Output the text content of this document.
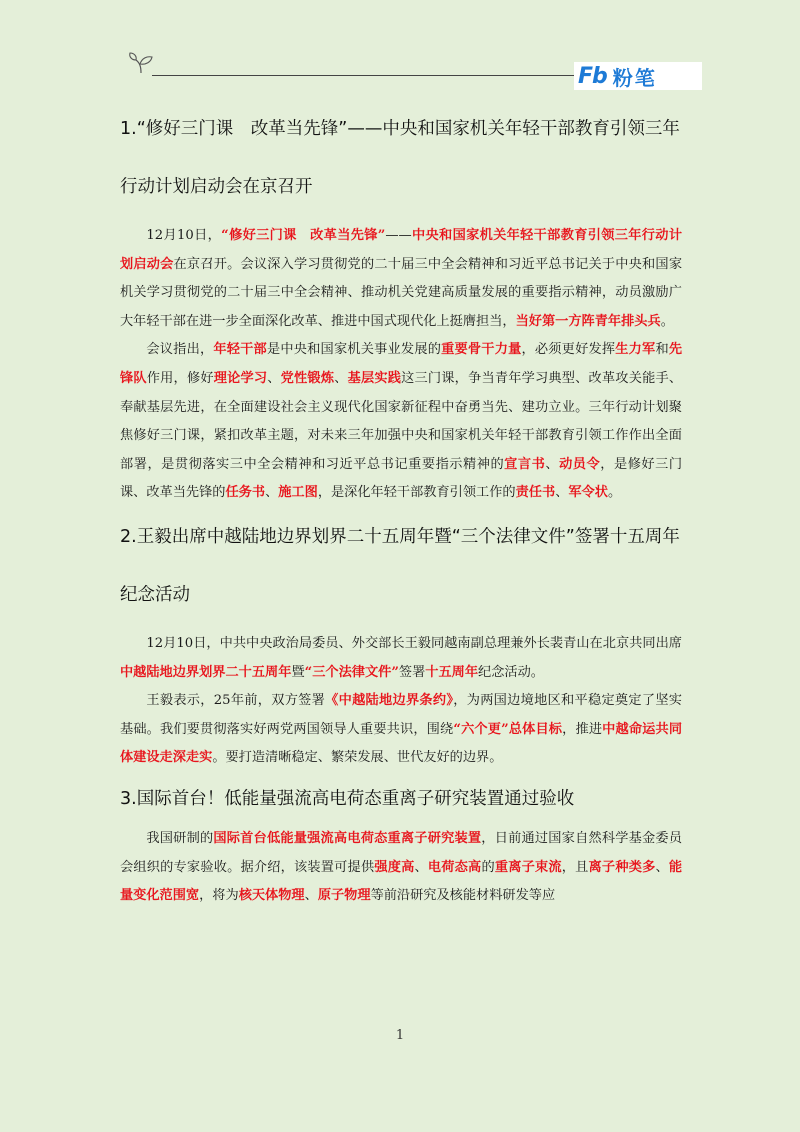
Fb 粉笔
1.“修好三门课　改革当先锋”——中央和国家机关年轻干部教育引领三年
行动计划启动会在京召开

12月10日，“修好三门课　改革当先锋”——中央和国家机关年轻干部教育引领三年行动计划启动会在京召开。会议深入学习贯彻党的二十届三中全会精神和习近平总书记关于中央和国家机关学习贯彻党的二十届三中全会精神、推动机关党建高质量发展的重要指示精神，动员激励广大年轻干部在进一步全面深化改革、推进中国式现代化上挺膺担当，当好第一方阵青年排头兵。

会议指出，年轻干部是中央和国家机关事业发展的重要骨干力量，必须更好发挥生力军和先锋队作用，修好理论学习、党性锻炼、基层实践这三门课，争当青年学习典型、改革攻关能手、奉献基层先进，在全面建设社会主义现代化国家新征程中奋勇当先、建功立业。三年行动计划聚焦修好三门课，紧扣改革主题，对未来三年加强中央和国家机关年轻干部教育引领工作作出全面部署，是贯彻落实三中全会精神和习近平总书记重要指示精神的宣言书、动员令，是修好三门课、改革当先锋的任务书、施工图，是深化年轻干部教育引领工作的责任书、军令状。

2.王毅出席中越陆地边界划界二十五周年暨“三个法律文件”签署十五周年
纪念活动

12月10日，中共中央政治局委员、外交部长王毅同越南副总理兼外长裴青山在北京共同出席中越陆地边界划界二十五周年暨“三个法律文件”签署十五周年纪念活动。

王毅表示，25年前，双方签署《中越陆地边界条约》，为两国边境地区和平稳定奠定了坚实基础。我们要贯彻落实好两党两国领导人重要共识，围绕“六个更”总体目标，推进中越命运共同体建设走深走实。要打造清晰稳定、繁荣发展、世代友好的边界。

3.国际首台！低能量强流高电荷态重离子研究装置通过验收

我国研制的国际首台低能量强流高电荷态重离子研究装置，日前通过国家自然科学基金委员会组织的专家验收。据介绍，该装置可提供强度高、电荷态高的重离子束流，且离子种类多、能量变化范围宽，将为核天体物理、原子物理等前沿研究及核能材料研发等应

1
